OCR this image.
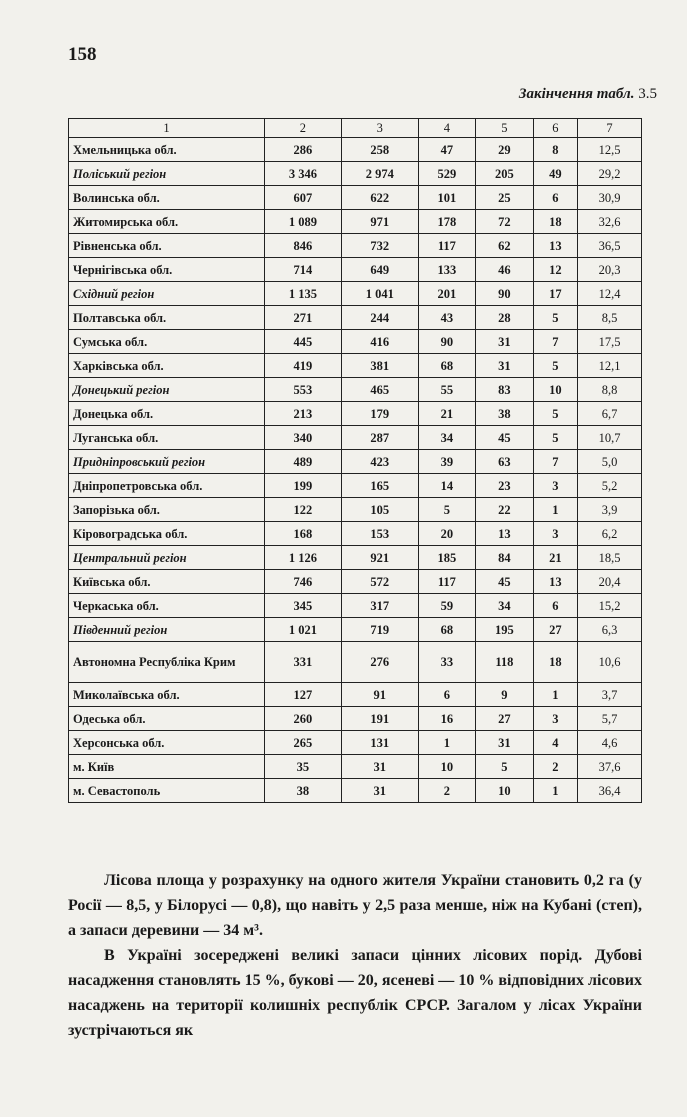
158
Закінчення табл. 3.5
1	2	3	4	5	6	7
Хмельницька обл.	286	258	47	29	8	12,5
Поліський регіон	3 346	2 974	529	205	49	29,2
Волинська обл.	607	622	101	25	6	30,9
Житомирська обл.	1 089	971	178	72	18	32,6
Рівненська обл.	846	732	117	62	13	36,5
Чернігівська обл.	714	649	133	46	12	20,3
Східний регіон	1 135	1 041	201	90	17	12,4
Полтавська обл.	271	244	43	28	5	8,5
Сумська обл.	445	416	90	31	7	17,5
Харківська обл.	419	381	68	31	5	12,1
Донецький регіон	553	465	55	83	10	8,8
Донецька обл.	213	179	21	38	5	6,7
Луганська обл.	340	287	34	45	5	10,7
Придніпровський регіон	489	423	39	63	7	5,0
Дніпропетровська обл.	199	165	14	23	3	5,2
Запорізька обл.	122	105	5	22	1	3,9
Кіровоградська обл.	168	153	20	13	3	6,2
Центральний регіон	1 126	921	185	84	21	18,5
Київська обл.	746	572	117	45	13	20,4
Черкаська обл.	345	317	59	34	6	15,2
Південний регіон	1 021	719	68	195	27	6,3
Автономна Республіка Крим	331	276	33	118	18	10,6
Миколаївська обл.	127	91	6	9	1	3,7
Одеська обл.	260	191	16	27	3	5,7
Херсонська обл.	265	131	1	31	4	4,6
м. Київ	35	31	10	5	2	37,6
м. Севастополь	38	31	2	10	1	36,4

Лісова площа у розрахунку на одного жителя України становить 0,2 га (у Росії — 8,5, у Білорусі — 0,8), що навіть у 2,5 раза менше, ніж на Кубані (степ), а запаси деревини — 34 м³.

В Україні зосереджені великі запаси цінних лісових порід. Дубові насадження становлять 15 %, букові — 20, ясеневі — 10 % відповідних лісових насаджень на території колишніх республік СРСР. Загалом у лісах України зустрічаються як
